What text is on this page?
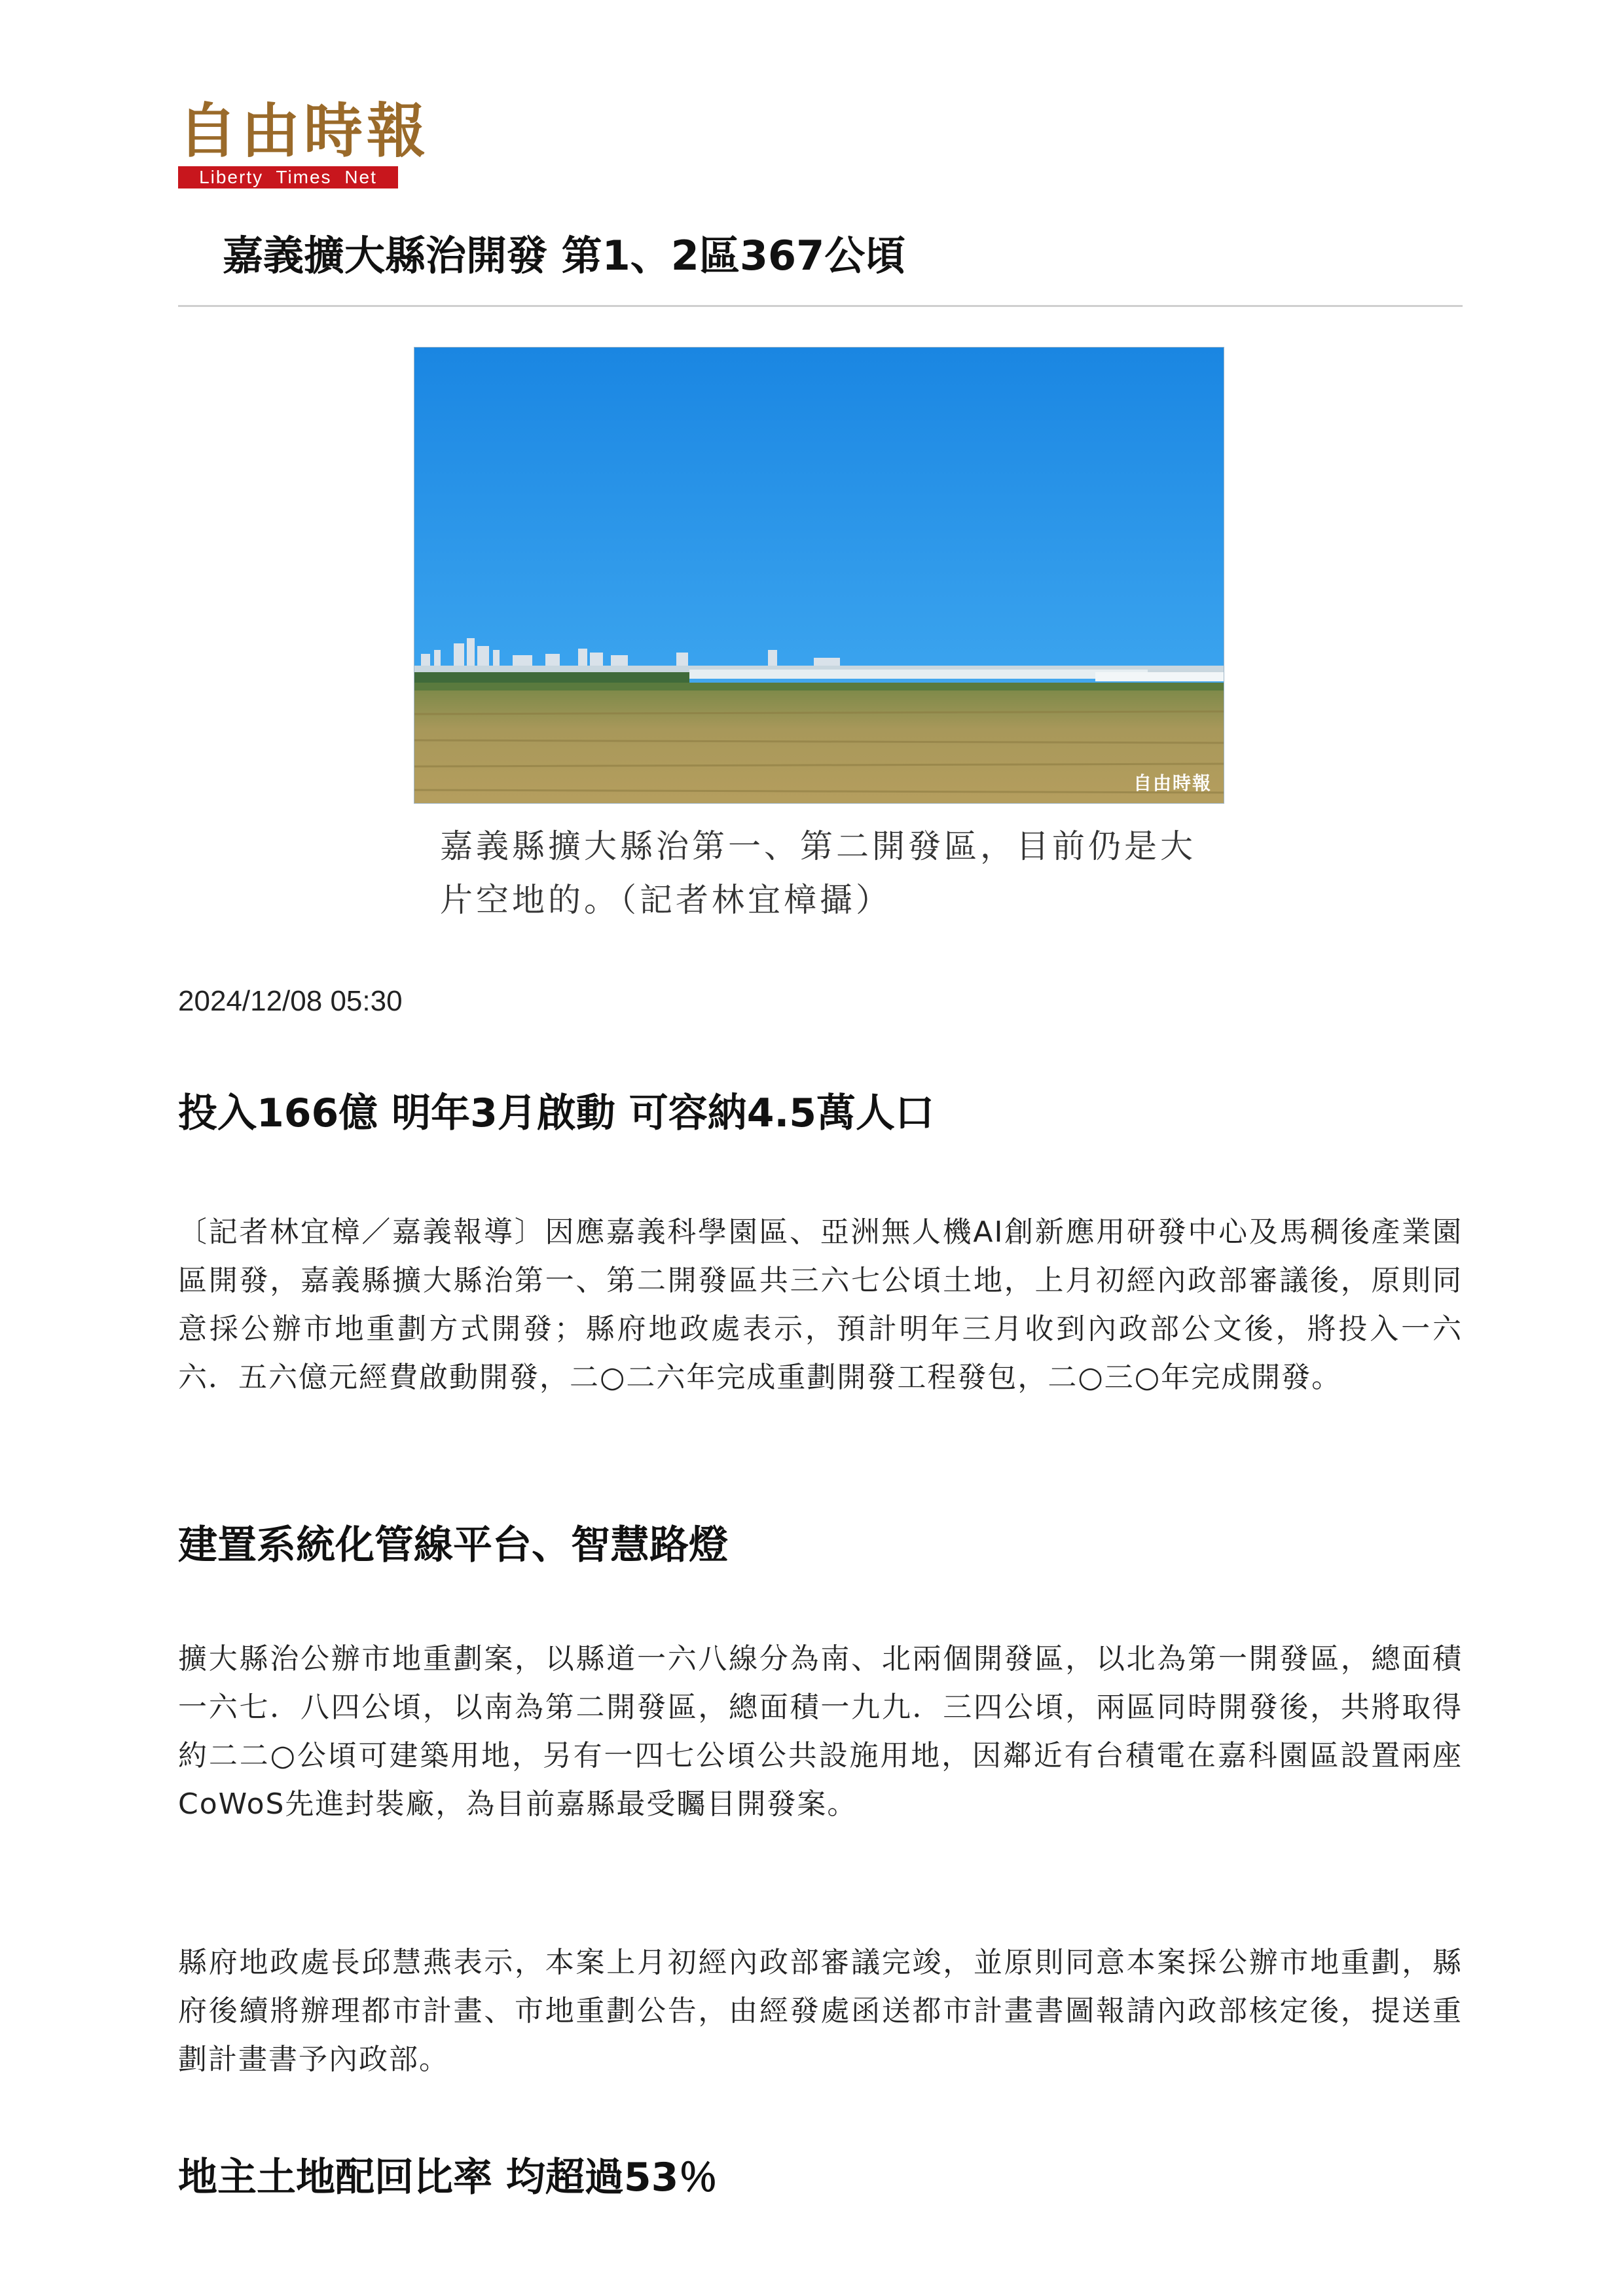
自由時報
Liberty Times Net
嘉義擴大縣治開發 第1、2區367公頃
自由時報
嘉義縣擴大縣治第一、第二開發區，目前仍是大片空地的。（記者林宜樟攝）
2024/12/08 05:30
投入166億 明年3月啟動 可容納4.5萬人口
〔記者林宜樟／嘉義報導〕因應嘉義科學園區、亞洲無人機AI創新應用研發中心及馬稠後產業園區開發，嘉義縣擴大縣治第一、第二開發區共三六七公頃土地，上月初經內政部審議後，原則同意採公辦市地重劃方式開發；縣府地政處表示，預計明年三月收到內政部公文後，將投入一六六．五六億元經費啟動開發，二○二六年完成重劃開發工程發包，二○三○年完成開發。
建置系統化管線平台、智慧路燈
擴大縣治公辦市地重劃案，以縣道一六八線分為南、北兩個開發區，以北為第一開發區，總面積一六七．八四公頃，以南為第二開發區，總面積一九九．三四公頃，兩區同時開發後，共將取得約二二○公頃可建築用地，另有一四七公頃公共設施用地，因鄰近有台積電在嘉科園區設置兩座CoWoS先進封裝廠，為目前嘉縣最受矚目開發案。
縣府地政處長邱慧燕表示，本案上月初經內政部審議完竣，並原則同意本案採公辦市地重劃，縣府後續將辦理都市計畫、市地重劃公告，由經發處函送都市計畫書圖報請內政部核定後，提送重劃計畫書予內政部。
地主土地配回比率 均超過53％
